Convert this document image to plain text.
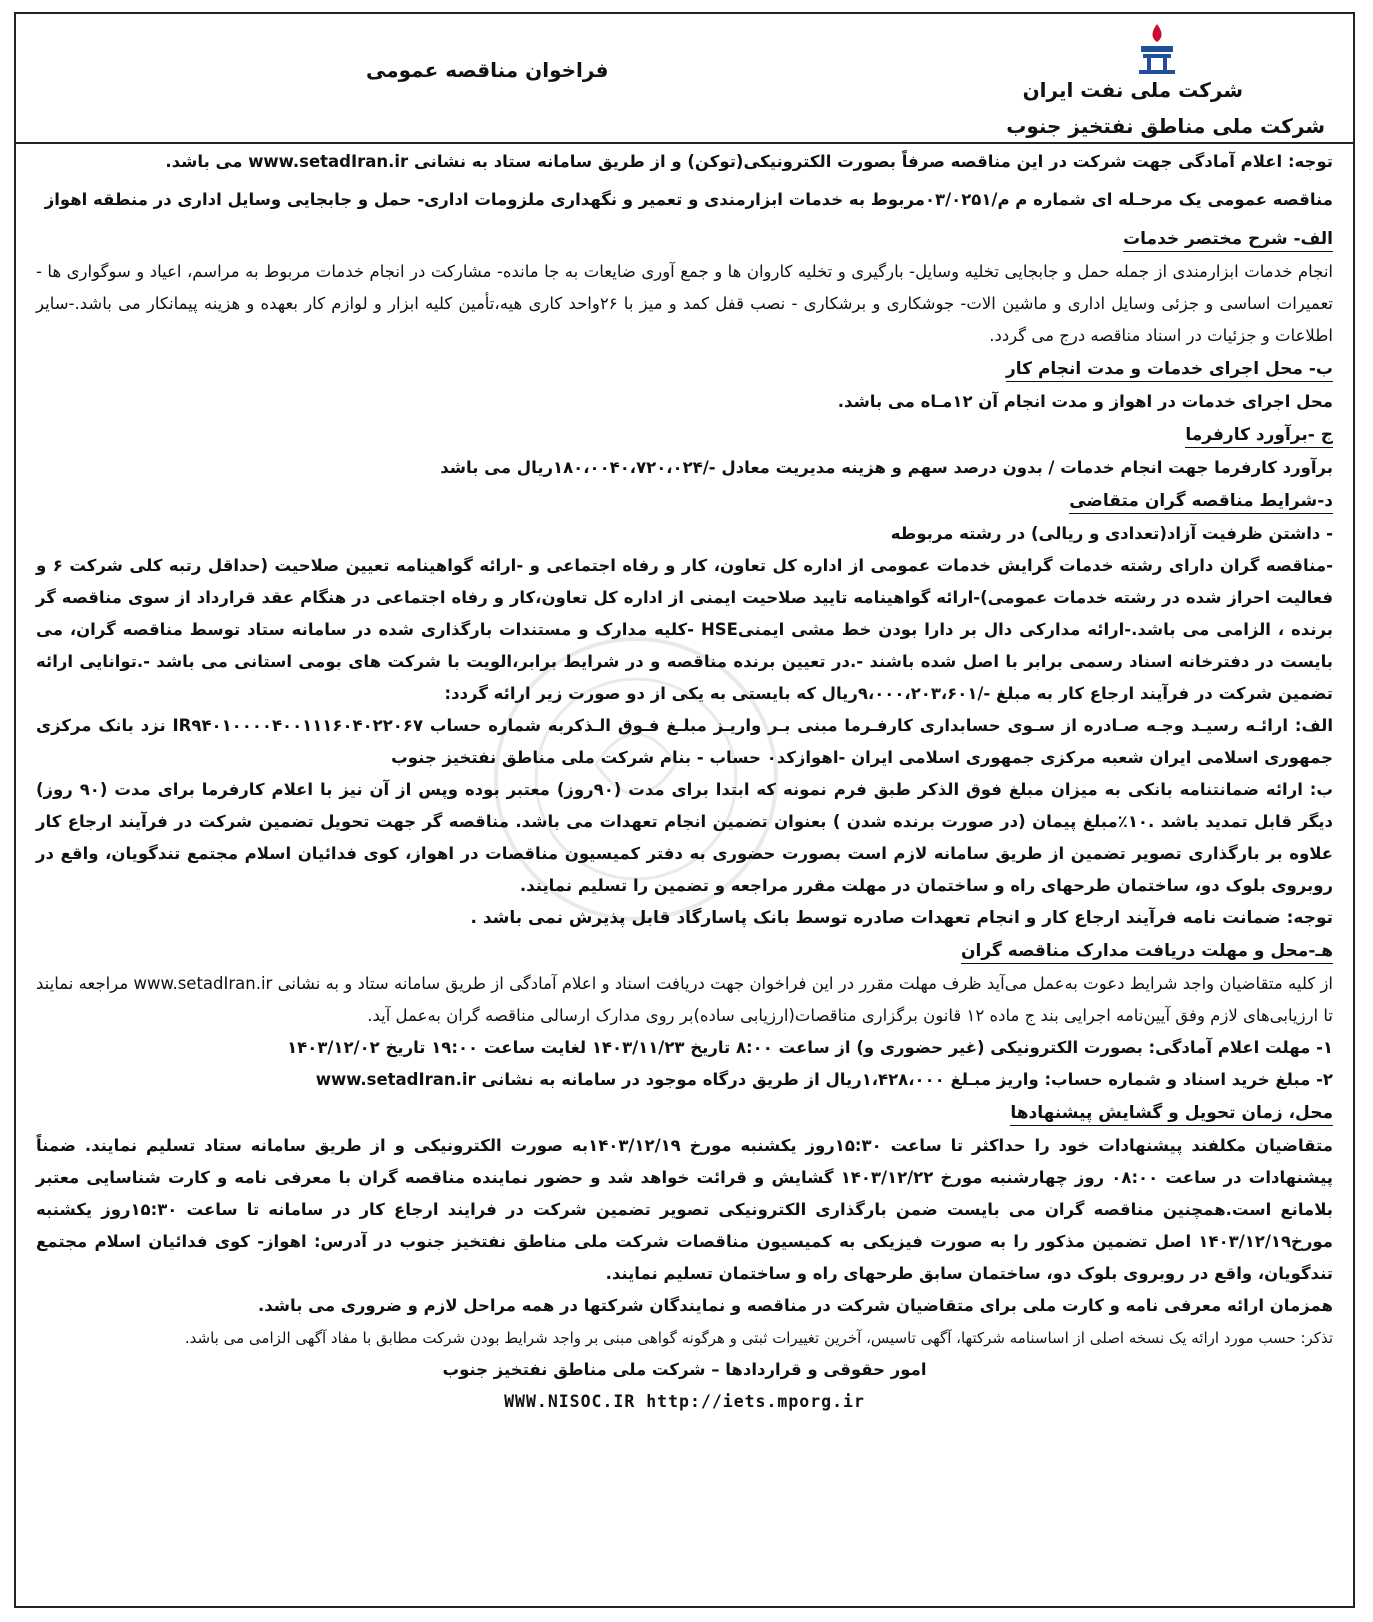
شرکت ملی نفت ایران
شرکت ملی مناطق نفتخیز جنوب
فراخوان مناقصه عمومی

توجه: اعلام آمادگی جهت شرکت در این مناقصه صرفاً بصورت الکترونیکی(توکن) و از طریق سامانه ستاد به نشانی www.setadIran.ir می باشد.

مناقصه عمومی یک مرحـله ای شماره م م/۰۳/۰۲۵۱مربوط به خدمات ابزارمندی و تعمیر و نگهداری ملزومات اداری- حمل و جابجایی وسایل اداری در منطقه اهواز

الف- شرح مختصر خدمات

انجام خدمات ابزارمندی از جمله حمل و جابجایی تخلیه وسایل- بارگیری و تخلیه کاروان ها و جمع آوری ضایعات به جا مانده- مشارکت در انجام خدمات مربوط به مراسم، اعیاد و سوگواری ها - تعمیرات اساسی و جزئی وسایل اداری و ماشین الات- جوشکاری و برشکاری - نصب قفل کمد و میز با ۲۶واحد کاری هیه،تأمین کلیه ابزار و لوازم کار بعهده و هزینه پیمانکار می باشد.-سایر اطلاعات و جزئیات در اسناد مناقصه درج می گردد.

ب- محل اجرای خدمات و مدت انجام کار

محل اجرای خدمات در اهواز و مدت انجام آن ۱۲مـاه می باشد.

ج -برآورد کارفرما

برآورد کارفرما جهت انجام خدمات / بدون درصد سهم و هزینه مدیریت معادل -/۱۸۰،۰۰۴۰،۷۲۰،۰۲۴ریال می باشد

د-شرایط مناقصه گران متقاضی

- داشتن ظرفیت آزاد(تعدادی و ریالی) در رشته مربوطه

-مناقصه گران دارای رشته خدمات گرایش خدمات عمومی از اداره کل تعاون، کار و رفاه اجتماعی و -ارائه گواهینامه تعیین صلاحیت (حداقل رتبه کلی شرکت ۶ و فعالیت احراز شده در رشته خدمات عمومی)-ارائه گواهینامه تایید صلاحیت ایمنی از اداره کل تعاون،کار و رفاه اجتماعی در هنگام عقد قرارداد از سوی مناقصه گر برنده ، الزامی می باشد.-ارائه مدارکی دال بر دارا بودن خط مشی ایمنیHSE -کلیه مدارک و مستندات بارگذاری شده در سامانه ستاد توسط مناقصه گران، می بایست در دفترخانه اسناد رسمی برابر با اصل شده باشند -.در تعیین برنده مناقصه و در شرایط برابر،الویت با شرکت های بومی استانی می باشد -.توانایی ارائه تضمین شرکت در فرآیند ارجاع کار به مبلغ -/۹،۰۰۰،۲۰۳،۶۰۱ریال که بایستی به یکی از دو صورت زیر ارائه گردد:

الف: ارائـه رسیـد وجـه صـادره از سـوی حسابداری کارفـرما مبنی بـر واریـز مبلـغ فـوق الـذکربه شماره حساب IR۹۴۰۱۰۰۰۰۴۰۰۱۱۱۶۰۴۰۲۲۰۶۷ نزد بانک مرکزی جمهوری اسلامی ایران شعبه مرکزی جمهوری اسلامی ایران -اهوازکد۰ حساب - بنام شرکت ملی مناطق نفتخیز جنوب

ب: ارائه ضمانتنامه بانکی به میزان مبلغ فوق الذکر طبق فرم نمونه که ابتدا برای مدت (۹۰روز) معتبر بوده وپس از آن نیز با اعلام کارفرما برای مدت (۹۰ روز) دیگر قابل تمدید باشد .۱۰٪مبلغ پیمان (در صورت برنده شدن ) بعنوان تضمین انجام تعهدات می باشد. مناقصه گر جهت تحویل تضمین شرکت در فرآیند ارجاع کار علاوه بر بارگذاری تصویر تضمین از طریق سامانه لازم است بصورت حضوری به دفتر کمیسیون مناقصات در اهواز، کوی فدائیان اسلام مجتمع تندگویان، واقع در روبروی بلوک دو، ساختمان طرحهای راه و ساختمان در مهلت مقرر مراجعه و تضمین را تسلیم نمایند.

توجه: ضمانت نامه فرآیند ارجاع کار و انجام تعهدات صادره توسط بانک پاسارگاد قابل پذیرش نمی باشد .

هـ-محل و مهلت دریافت مدارک مناقصه گران

از کلیه متقاضیان واجد شرایط دعوت به‌عمل می‌آید ظرف مهلت مقرر در این فراخوان جهت دریافت اسناد و اعلام آمادگی از طریق سامانه ستاد و به نشانی www.setadIran.ir مراجعه نمایند تا ارزیابی‌های لازم وفق آیین‌نامه اجرایی بند ج ماده ۱۲ قانون برگزاری مناقصات(ارزیابی ساده)بر روی مدارک ارسالی مناقصه گران به‌عمل آید.

۱- مهلت اعلام آمادگی: بصورت الکترونیکی (غیر حضوری و) از ساعت ۸:۰۰ تاریخ ۱۴۰۳/۱۱/۲۳ لغایت ساعت ۱۹:۰۰ تاریخ ۱۴۰۳/۱۲/۰۲

۲- مبلغ خرید اسناد و شماره حساب: واریز مبـلغ ۱،۴۲۸،۰۰۰ریال از طریق درگاه موجود در سامانه به نشانی www.setadIran.ir

محل، زمان تحویل و گشایش پیشنهادها

متقاضیان مکلفند پیشنهادات خود را حداکثر تا ساعت ۱۵:۳۰روز یکشنبه مورخ ۱۴۰۳/۱۲/۱۹به صورت الکترونیکی و از طریق سامانه ستاد تسلیم نمایند. ضمناً پیشنهادات در ساعت ۰۸:۰۰ روز چهارشنبه مورخ ۱۴۰۳/۱۲/۲۲ گشایش و قرائت خواهد شد و حضور نماینده مناقصه گران با معرفی نامه و کارت شناسایی معتبر بلامانع است.همچنین مناقصه گران می بایست ضمن بارگذاری الکترونیکی تصویر تضمین شرکت در فرایند ارجاع کار در سامانه تا ساعت ۱۵:۳۰روز یکشنبه مورخ۱۴۰۳/۱۲/۱۹ اصل تضمین مذکور را به صورت فیزیکی به کمیسیون مناقصات شرکت ملی مناطق نفتخیز جنوب در آدرس: اهواز- کوی فدائیان اسلام مجتمع تندگویان، واقع در روبروی بلوک دو، ساختمان سابق طرحهای راه و ساختمان تسلیم نمایند.

همزمان ارائه معرفی نامه و کارت ملی برای متقاضیان شرکت در مناقصه و نمایندگان شرکتها در همه مراحل لازم و ضروری می باشد.

تذکر: حسب مورد ارائه یک نسخه اصلی از اساسنامه شرکتها، آگهی تاسیس، آخرین تغییرات ثبتی و هرگونه گواهی مبنی بر واجد شرایط بودن شرکت مطابق با مفاد آگهی الزامی می باشد.

امور حقوقی و قراردادها – شرکت ملی مناطق نفتخیز جنوب

WWW.NISOC.IR http://iets.mporg.ir
